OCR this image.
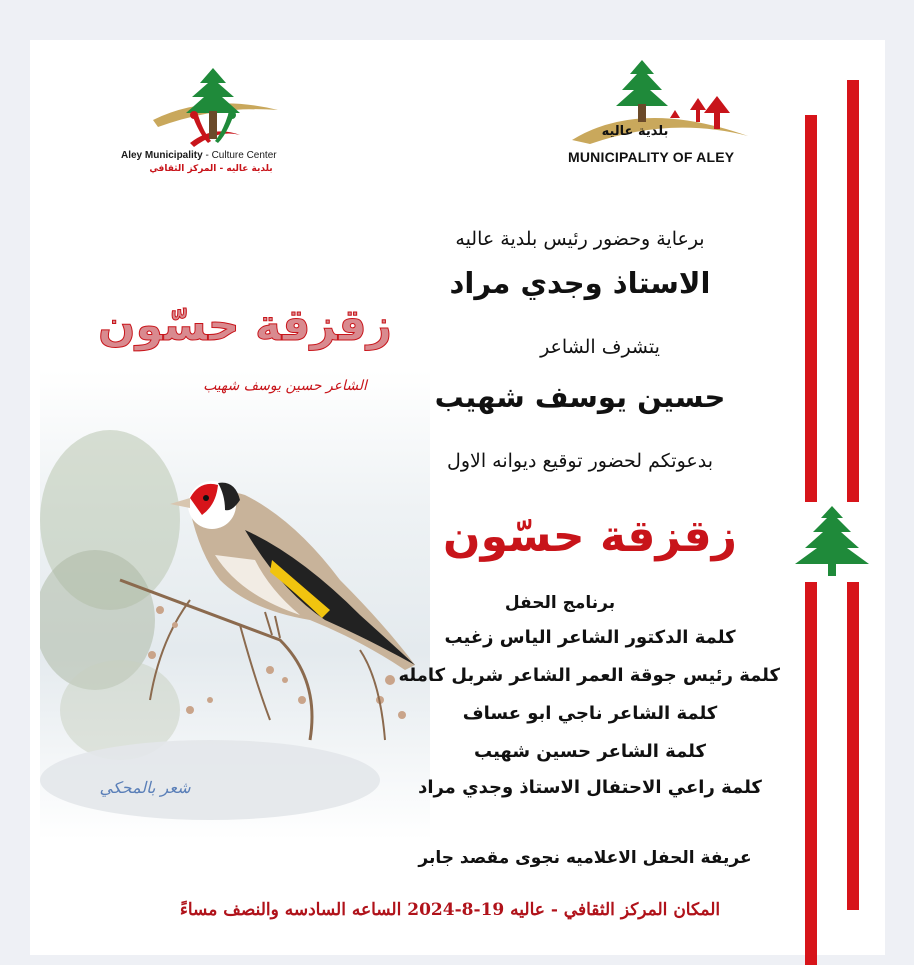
Aley Municipality - Culture Center
بلدية عاليه - المركز الثقافي
بلدية عاليه
MUNICIPALITY OF ALEY
زقزقة حسّون
الشاعر حسين يوسف شهيب
شعر بالمحكي
برعاية وحضور رئيس بلدية عاليه
الاستاذ وجدي مراد
يتشرف الشاعر
حسين يوسف شهيب
بدعوتكم لحضور توقيع ديوانه الاول
زقزقة حسّون
برنامج الحفل
كلمة الدكتور الشاعر الياس زغيب
كلمة رئيس جوقة العمر الشاعر شربل كامله
كلمة الشاعر ناجي ابو عساف
كلمة الشاعر حسين شهيب
كلمة راعي الاحتفال الاستاذ وجدي مراد
عريفة الحفل الاعلاميه نجوى مقصد جابر
المكان المركز الثقافي - عاليه 19-8-2024 الساعه السادسه والنصف مساءً
